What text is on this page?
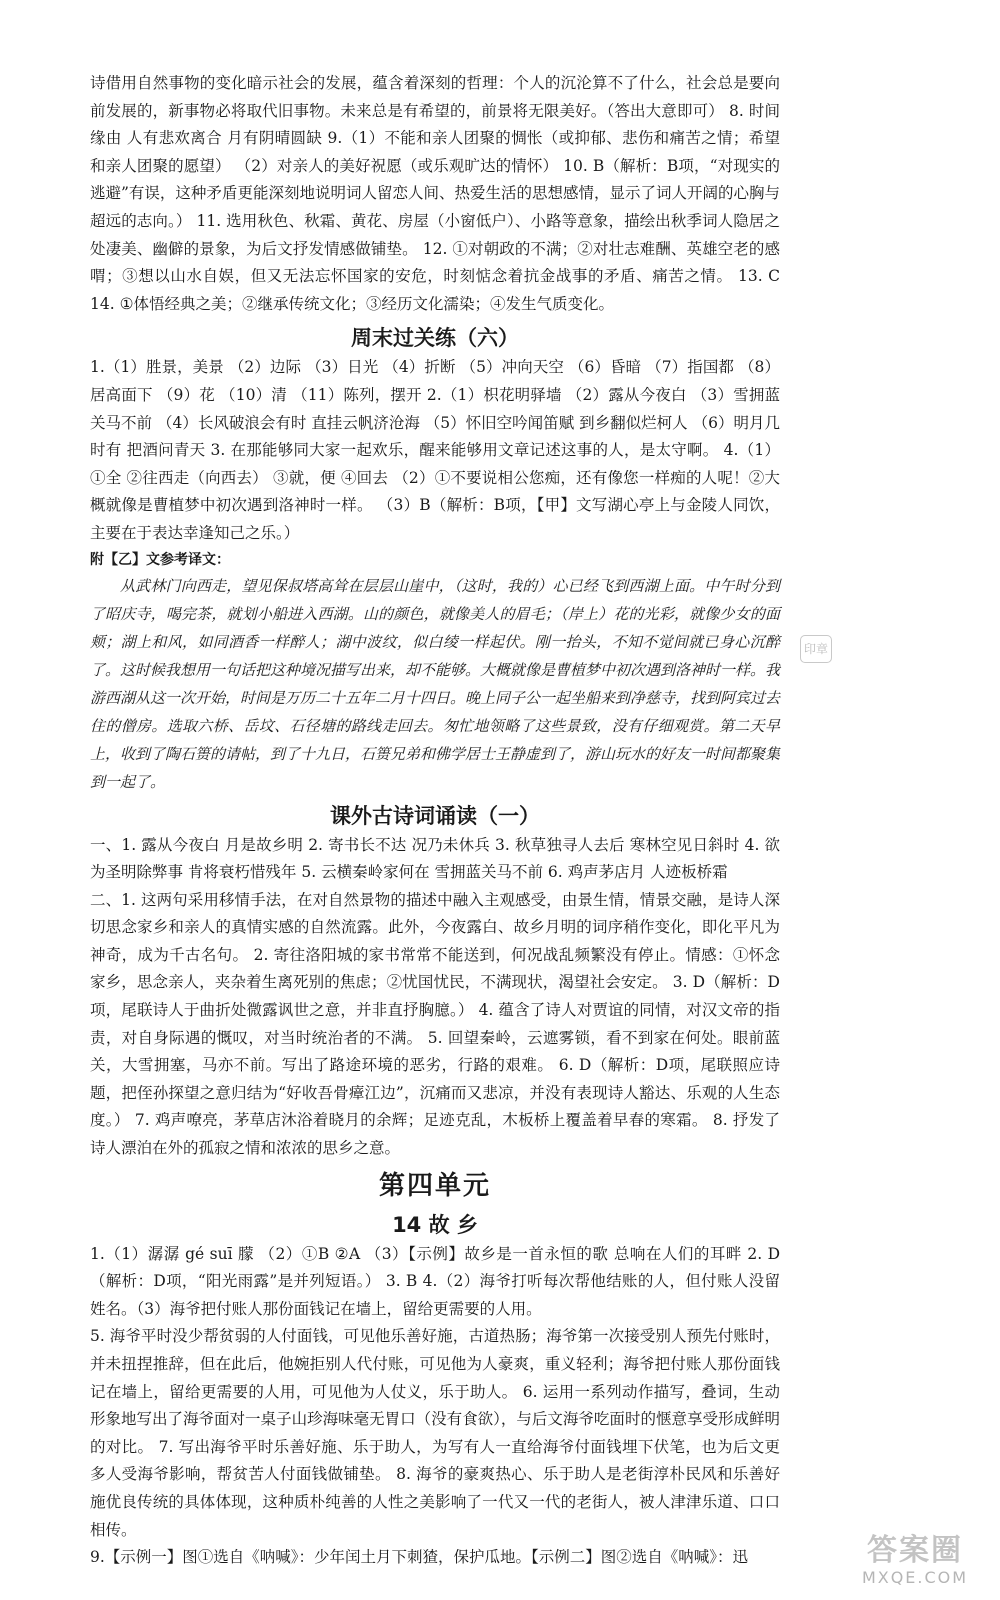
诗借用自然事物的变化暗示社会的发展，蕴含着深刻的哲理：个人的沉沦算不了什么，社会总是要向前发展的，新事物必将取代旧事物。未来总是有希望的，前景将无限美好。（答出大意即可） 8. 时间 缘由 人有悲欢离合 月有阴晴圆缺 9.（1）不能和亲人团聚的惆怅（或抑郁、悲伤和痛苦之情；希望和亲人团聚的愿望） （2）对亲人的美好祝愿（或乐观旷达的情怀） 10. B（解析：B项，“对现实的逃避”有误，这种矛盾更能深刻地说明词人留恋人间、热爱生活的思想感情，显示了词人开阔的心胸与超远的志向。） 11. 选用秋色、秋霜、黄花、房屋（小窗低户）、小路等意象，描绘出秋季词人隐居之处凄美、幽僻的景象，为后文抒发情感做铺垫。 12. ①对朝政的不满；②对壮志难酬、英雄空老的感喟；③想以山水自娱，但又无法忘怀国家的安危，时刻惦念着抗金战事的矛盾、痛苦之情。 13. C 14. ①体悟经典之美；②继承传统文化；③经历文化濡染；④发生气质变化。

周末过关练（六）

1.（1）胜景，美景 （2）边际 （3）日光 （4）折断 （5）冲向天空 （6）昏暗 （7）指国都 （8）居高面下 （9）花 （10）清 （11）陈列，摆开 2.（1）枳花明驿墙 （2）露从今夜白 （3）雪拥蓝关马不前 （4）长风破浪会有时 直挂云帆济沧海 （5）怀旧空吟闻笛赋 到乡翻似烂柯人 （6）明月几时有 把酒问青天 3. 在那能够同大家一起欢乐，醒来能够用文章记述这事的人，是太守啊。 4.（1）①全 ②往西走（向西去） ③就，便 ④回去 （2）①不要说相公您痴，还有像您一样痴的人呢！②大概就像是曹植梦中初次遇到洛神时一样。 （3）B（解析：B项，【甲】文写湖心亭上与金陵人同饮，主要在于表达幸逢知己之乐。）

附【乙】文参考译文：

从武林门向西走，望见保叔塔高耸在层层山崖中，（这时，我的）心已经飞到西湖上面。中午时分到了昭庆寺，喝完茶，就划小船进入西湖。山的颜色，就像美人的眉毛；（岸上）花的光彩，就像少女的面颊；湖上和风，如同酒香一样醉人；湖中波纹，似白绫一样起伏。刚一抬头，不知不觉间就已身心沉醉了。这时候我想用一句话把这种境况描写出来，却不能够。大概就像是曹植梦中初次遇到洛神时一样。我游西湖从这一次开始，时间是万历二十五年二月十四日。晚上同子公一起坐船来到净慈寺，找到阿宾过去住的僧房。选取六桥、岳坟、石径塘的路线走回去。匆忙地领略了这些景致，没有仔细观赏。第二天早上，收到了陶石篑的请帖，到了十九日，石篑兄弟和佛学居士王静虚到了，游山玩水的好友一时间都聚集到一起了。

课外古诗词诵读（一）

一、1. 露从今夜白 月是故乡明 2. 寄书长不达 况乃未休兵 3. 秋草独寻人去后 寒林空见日斜时 4. 欲为圣明除弊事 肯将衰朽惜残年 5. 云横秦岭家何在 雪拥蓝关马不前 6. 鸡声茅店月 人迹板桥霜

二、1. 这两句采用移情手法，在对自然景物的描述中融入主观感受，由景生情，情景交融，是诗人深切思念家乡和亲人的真情实感的自然流露。此外，今夜露白、故乡月明的词序稍作变化，即化平凡为神奇，成为千古名句。 2. 寄往洛阳城的家书常常不能送到，何况战乱频繁没有停止。情感：①怀念家乡，思念亲人，夹杂着生离死别的焦虑；②忧国忧民，不满现状，渴望社会安定。 3. D（解析：D项，尾联诗人于曲折处微露讽世之意，并非直抒胸臆。） 4. 蕴含了诗人对贾谊的同情，对汉文帝的指责，对自身际遇的慨叹，对当时统治者的不满。 5. 回望秦岭，云遮雾锁，看不到家在何处。眼前蓝关，大雪拥塞，马亦不前。写出了路途环境的恶劣，行路的艰难。 6. D（解析：D项，尾联照应诗题，把侄孙探望之意归结为“好收吾骨瘴江边”，沉痛而又悲凉，并没有表现诗人豁达、乐观的人生态度。） 7. 鸡声嘹亮，茅草店沐浴着晓月的余辉；足迹克乱，木板桥上覆盖着早春的寒霜。 8. 抒发了诗人漂泊在外的孤寂之情和浓浓的思乡之意。

第四单元
14 故 乡

1.（1）潺潺 gé suī 朦 （2）①B ②A （3）【示例】故乡是一首永恒的歌 总响在人们的耳畔 2. D（解析：D项，“阳光雨露”是并列短语。） 3. B 4.（2）海爷打听每次帮他结账的人，但付账人没留姓名。（3）海爷把付账人那份面钱记在墙上，留给更需要的人用。

5. 海爷平时没少帮贫弱的人付面钱，可见他乐善好施，古道热肠；海爷第一次接受别人预先付账时，并未扭捏推辞，但在此后，他婉拒别人代付账，可见他为人豪爽，重义轻利；海爷把付账人那份面钱记在墙上，留给更需要的人用，可见他为人仗义，乐于助人。 6. 运用一系列动作描写，叠词，生动形象地写出了海爷面对一桌子山珍海味毫无胃口（没有食欲），与后文海爷吃面时的惬意享受形成鲜明的对比。 7. 写出海爷平时乐善好施、乐于助人，为写有人一直给海爷付面钱埋下伏笔，也为后文更多人受海爷影响，帮贫苦人付面钱做铺垫。 8. 海爷的豪爽热心、乐于助人是老街淳朴民风和乐善好施优良传统的具体体现，这种质朴纯善的人性之美影响了一代又一代的老街人，被人津津乐道、口口相传。

9.【示例一】图①选自《呐喊》：少年闰土月下刺猹，保护瓜地。【示例二】图②选自《呐喊》：迅

印章
答案圈
MXQE.COM
